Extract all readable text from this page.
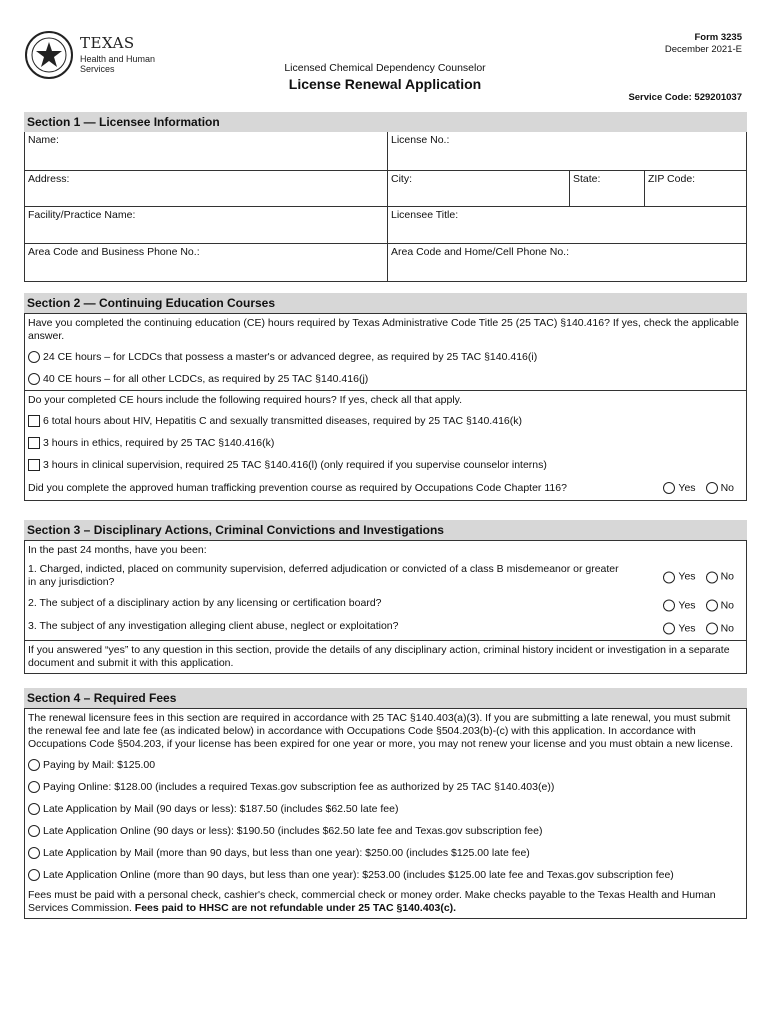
TEXAS
Health and Human
Services
Form 3235
December 2021-E
Licensed Chemical Dependency Counselor
License Renewal Application
Service Code: 529201037
Section 1 — Licensee Information
Name:	License No.:
Address:	City:	State:	ZIP Code:
Facility/Practice Name:	Licensee Title:
Area Code and Business Phone No.:	Area Code and Home/Cell Phone No.:
Section 2 — Continuing Education Courses
Have you completed the continuing education (CE) hours required by Texas Administrative Code Title 25 (25 TAC) §140.416? If yes, check the applicable answer.
24 CE hours – for LCDCs that possess a master's or advanced degree, as required by 25 TAC §140.416(i)
40 CE hours – for all other LCDCs, as required by 25 TAC §140.416(j)
Do your completed CE hours include the following required hours? If yes, check all that apply.
6 total hours about HIV, Hepatitis C and sexually transmitted diseases, required by 25 TAC §140.416(k)
3 hours in ethics, required by 25 TAC §140.416(k)
3 hours in clinical supervision, required 25 TAC §140.416(l) (only required if you supervise counselor interns)
Did you complete the approved human trafficking prevention course as required by Occupations Code Chapter 116?	Yes No
Section 3 – Disciplinary Actions, Criminal Convictions and Investigations
In the past 24 months, have you been:
1. Charged, indicted, placed on community supervision, deferred adjudication or convicted of a class B misdemeanor or greater in any jurisdiction?	Yes No
2. The subject of a disciplinary action by any licensing or certification board?	Yes No
3. The subject of any investigation alleging client abuse, neglect or exploitation?	Yes No
If you answered “yes” to any question in this section, provide the details of any disciplinary action, criminal history incident or investigation in a separate document and submit it with this application.
Section 4 – Required Fees
The renewal licensure fees in this section are required in accordance with 25 TAC §140.403(a)(3). If you are submitting a late renewal, you must submit the renewal fee and late fee (as indicated below) in accordance with Occupations Code §504.203(b)-(c) with this application. In accordance with Occupations Code §504.203, if your license has been expired for one year or more, you may not renew your license and you must obtain a new license.
Paying by Mail: $125.00
Paying Online: $128.00 (includes a required Texas.gov subscription fee as authorized by 25 TAC §140.403(e))
Late Application by Mail (90 days or less): $187.50 (includes $62.50 late fee)
Late Application Online (90 days or less): $190.50 (includes $62.50 late fee and Texas.gov subscription fee)
Late Application by Mail (more than 90 days, but less than one year): $250.00 (includes $125.00 late fee)
Late Application Online (more than 90 days, but less than one year): $253.00 (includes $125.00 late fee and Texas.gov subscription fee)
Fees must be paid with a personal check, cashier's check, commercial check or money order. Make checks payable to the Texas Health and Human Services Commission. Fees paid to HHSC are not refundable under 25 TAC §140.403(c).
